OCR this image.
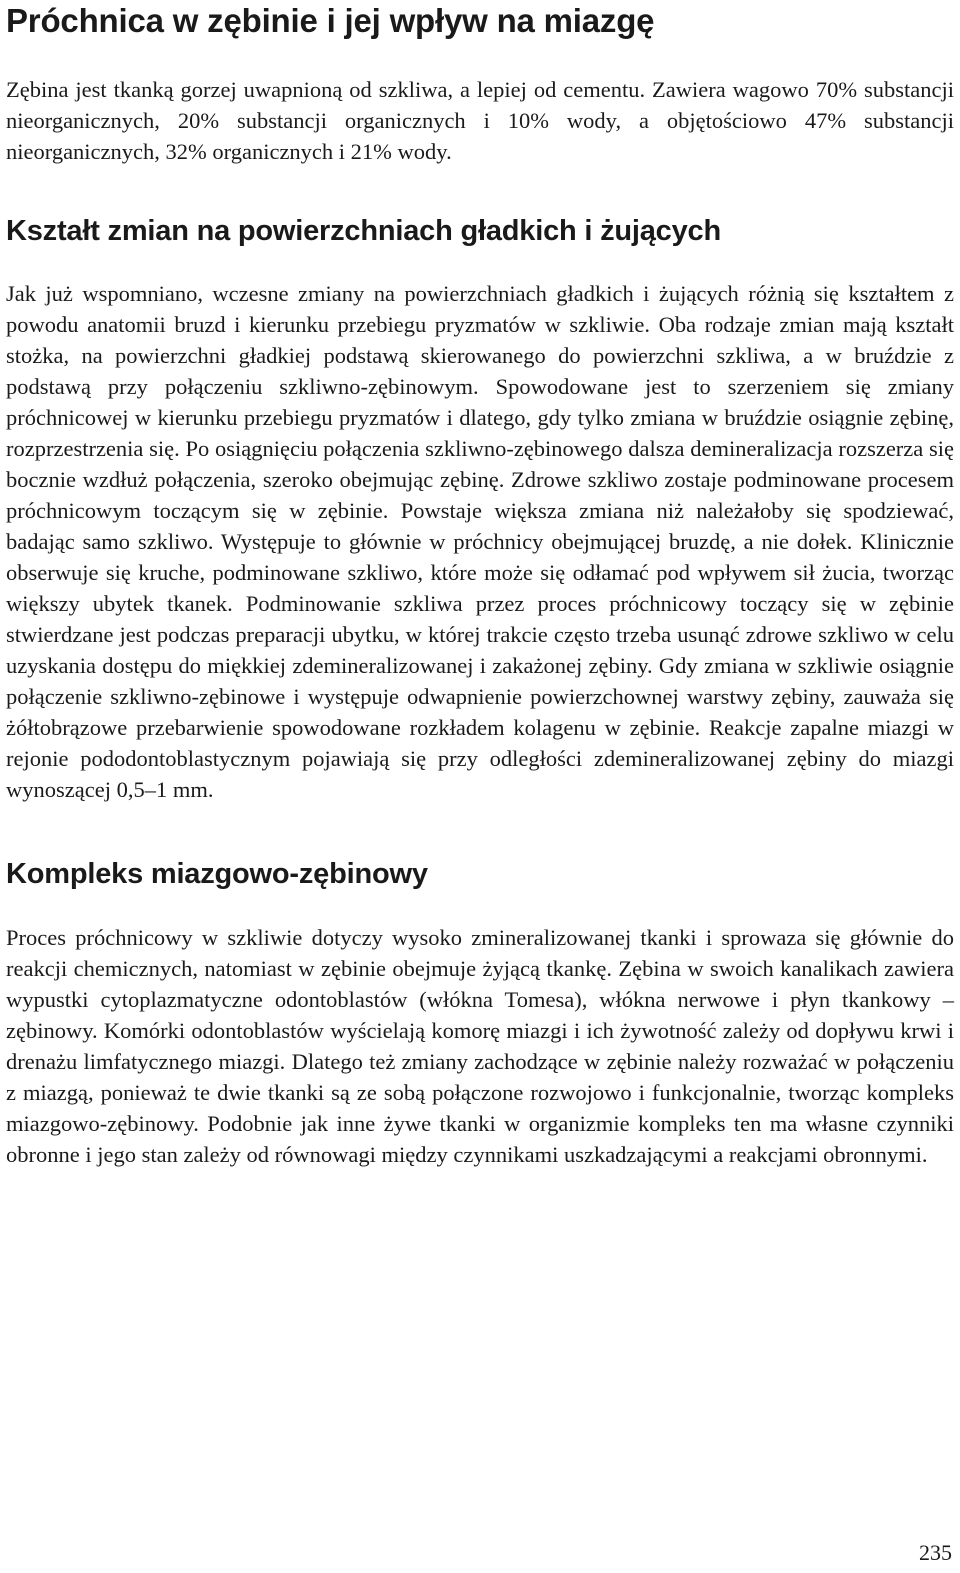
Próchnica w zębinie i jej wpływ na miazgę

Zębina jest tkanką gorzej uwapnioną od szkliwa, a lepiej od cementu. Zawiera wagowo 70% substancji nieorganicznych, 20% substancji organicznych i 10% wody, a objętościowo 47% substancji nieorganicznych, 32% organicznych i 21% wody.

Kształt zmian na powierzchniach gładkich i żujących

Jak już wspomniano, wczesne zmiany na powierzchniach gładkich i żujących różnią się kształtem z powodu anatomii bruzd i kierunku przebiegu pryzmatów w szkliwie. Oba rodzaje zmian mają kształt stożka, na powierzchni gładkiej podstawą skierowanego do powierzchni szkliwa, a w bruździe z podstawą przy połączeniu szkliwno-zębinowym. Spowodowane jest to szerzeniem się zmiany próchnicowej w kierunku przebiegu pryzmatów i dlatego, gdy tylko zmiana w bruździe osiągnie zębinę, rozprzestrzenia się. Po osiągnięciu połączenia szkliwno-zębinowego dalsza demineralizacja rozszerza się bocznie wzdłuż połączenia, szeroko obejmując zębinę. Zdrowe szkliwo zostaje podminowane procesem próchnicowym toczącym się w zębinie. Powstaje większa zmiana niż należałoby się spodziewać, badając samo szkliwo. Występuje to głównie w próchnicy obejmującej bruzdę, a nie dołek. Klinicznie obserwuje się kruche, podminowane szkliwo, które może się odłamać pod wpływem sił żucia, tworząc większy ubytek tkanek. Podminowanie szkliwa przez proces próchnicowy toczący się w zębinie stwierdzane jest podczas preparacji ubytku, w której trakcie często trzeba usunąć zdrowe szkliwo w celu uzyskania dostępu do miękkiej zdemineralizowanej i zakażonej zębiny. Gdy zmiana w szkliwie osiągnie połączenie szkliwno-zębinowe i występuje odwapnienie powierzchownej warstwy zębiny, zauważa się żółtobrązowe przebarwienie spowodowane rozkładem kolagenu w zębinie. Reakcje zapalne miazgi w rejonie pododontoblastycznym pojawiają się przy odległości zdemineralizowanej zębiny do miazgi wynoszącej 0,5–1 mm.

Kompleks miazgowo-zębinowy

Proces próchnicowy w szkliwie dotyczy wysoko zmineralizowanej tkanki i sprowaza się głównie do reakcji chemicznych, natomiast w zębinie obejmuje żyjącą tkankę. Zębina w swoich kanalikach zawiera wypustki cytoplazmatyczne odontoblastów (włókna Tomesa), włókna nerwowe i płyn tkankowy – zębinowy. Komórki odontoblastów wyścielają komorę miazgi i ich żywotność zależy od dopływu krwi i drenażu limfatycznego miazgi. Dlatego też zmiany zachodzące w zębinie należy rozważać w połączeniu z miazgą, ponieważ te dwie tkanki są ze sobą połączone rozwojowo i funkcjonalnie, tworząc kompleks miazgowo-zębinowy. Podobnie jak inne żywe tkanki w organizmie kompleks ten ma własne czynniki obronne i jego stan zależy od równowagi między czynnikami uszkadzającymi a reakcjami obronnymi.

235
